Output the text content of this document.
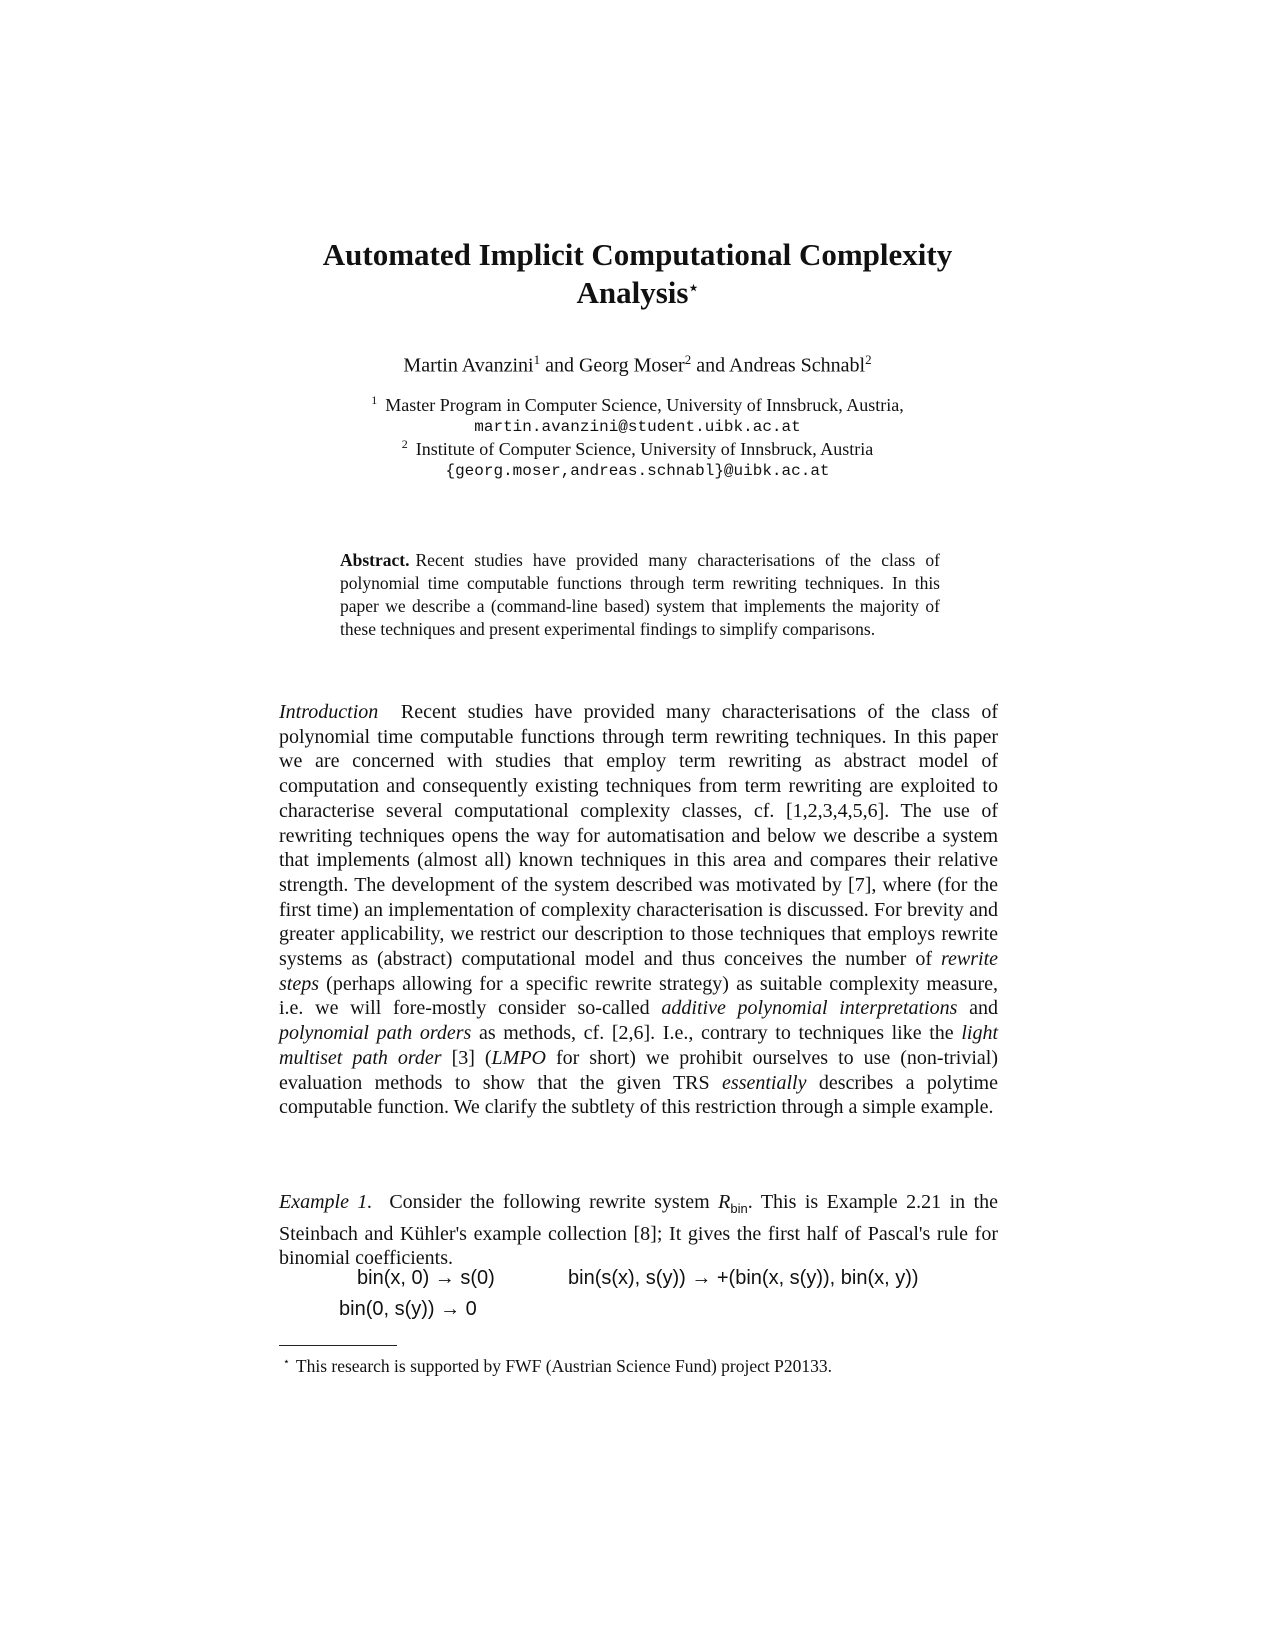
Automated Implicit Computational Complexity
Analysis⋆
Martin Avanzini$^1$ and Georg Moser$^2$ and Andreas Schnabl$^2$
$^1$ Master Program in Computer Science, University of Innsbruck, Austria,
martin.avanzini@student.uibk.ac.at
$^2$ Institute of Computer Science, University of Innsbruck, Austria
{georg.moser,andreas.schnabl}@uibk.ac.at
Abstract. Recent studies have provided many characterisations of the class of polynomial time computable functions through term rewriting techniques. In this paper we describe a (command-line based) system that implements the majority of these techniques and present experimental findings to simplify comparisons.

Introduction Recent studies have provided many characterisations of the class of polynomial time computable functions through term rewriting techniques. In this paper we are concerned with studies that employ term rewriting as abstract model of computation and consequently existing techniques from term rewriting are exploited to characterise several computational complexity classes, cf. [1,2,3,4,5,6]. The use of rewriting techniques opens the way for automatisation and below we describe a system that implements (almost all) known techniques in this area and compares their relative strength. The development of the system described was motivated by [7], where (for the first time) an implementation of complexity characterisation is discussed. For brevity and greater applicability, we restrict our description to those techniques that employs rewrite systems as (abstract) computational model and thus conceives the number of rewrite steps (perhaps allowing for a specific rewrite strategy) as suitable complexity measure, i.e. we will fore-mostly consider so-called additive polynomial interpretations and polynomial path orders as methods, cf. [2,6]. I.e., contrary to techniques like the light multiset path order [3] (LMPO for short) we prohibit ourselves to use (non-trivial) evaluation methods to show that the given TRS essentially describes a polytime computable function. We clarify the subtlety of this restriction through a simple example.

Example 1. Consider the following rewrite system $R_{bin}$. This is Example 2.21 in the Steinbach and Kühler's example collection [8]; It gives the first half of Pascal's rule for binomial coefficients.
bin(x, 0) → s(0)	bin(s(x), s(y)) → +(bin(x, s(y)), bin(x, y))
bin(0, s(y)) → 0
⋆ This research is supported by FWF (Austrian Science Fund) project P20133.
